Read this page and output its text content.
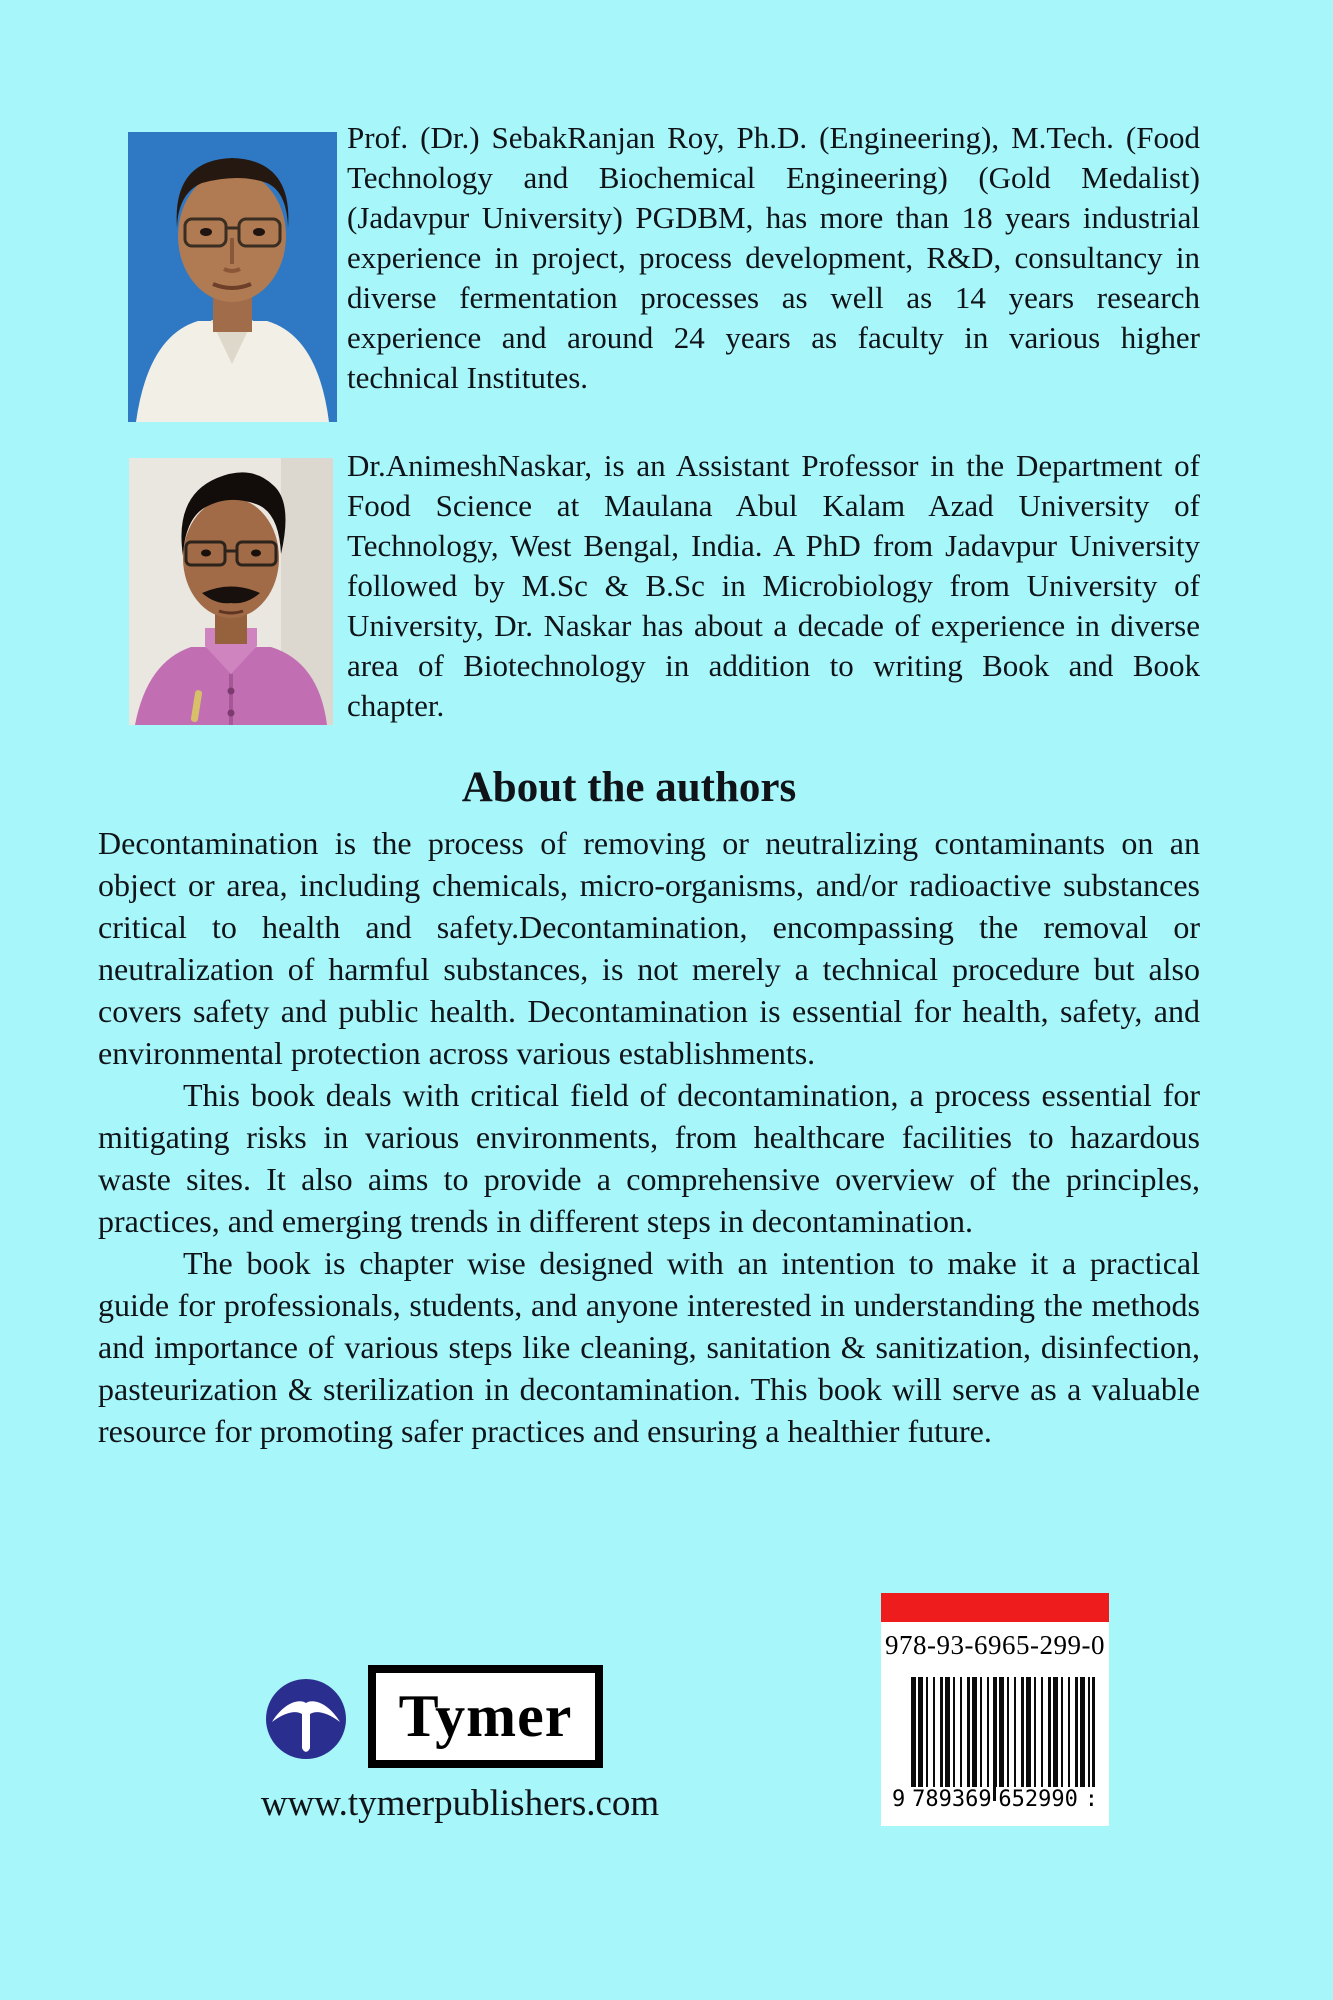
Prof. (Dr.) SebakRanjan Roy, Ph.D. (Engineering), M.Tech. (Food Technology and Biochemical Engineering) (Gold Medalist)(Jadavpur University) PGDBM, has more than 18 years industrial experience in project, process development, R&D, consultancy in diverse fermentation processes as well as 14 years research experience and around 24 years as faculty in various higher technical Institutes.
Dr.AnimeshNaskar, is an Assistant Professor in the Department of Food Science at Maulana Abul Kalam Azad University of Technology, West Bengal, India. A PhD from Jadavpur University followed by M.Sc & B.Sc in Microbiology from University of University, Dr. Naskar has about a decade of experience in diverse area of Biotechnology in addition to writing Book and Book chapter.
About the authors

Decontamination is the process of removing or neutralizing contaminants on an object or area, including chemicals, micro-organisms, and/or radioactive substances critical to health and safety.Decontamination, encompassing the removal or neutralization of harmful substances, is not merely a technical procedure but also covers safety and public health. Decontamination is essential for health, safety, and environmental protection across various establishments.

This book deals with critical field of decontamination, a process essential for mitigating risks in various environments, from healthcare facilities to hazardous waste sites. It also aims to provide a comprehensive overview of the principles, practices, and emerging trends in different steps in decontamination.

The book is chapter wise designed with an intention to make it a practical guide for professionals, students, and anyone interested in understanding the methods and importance of various steps like cleaning, sanitation & sanitization, disinfection, pasteurization & sterilization in decontamination. This book will serve as a valuable resource for promoting safer practices and ensuring a healthier future.

Tymer
www.tymerpublishers.com
978-93-6965-299-0
9 789369 652990 :
